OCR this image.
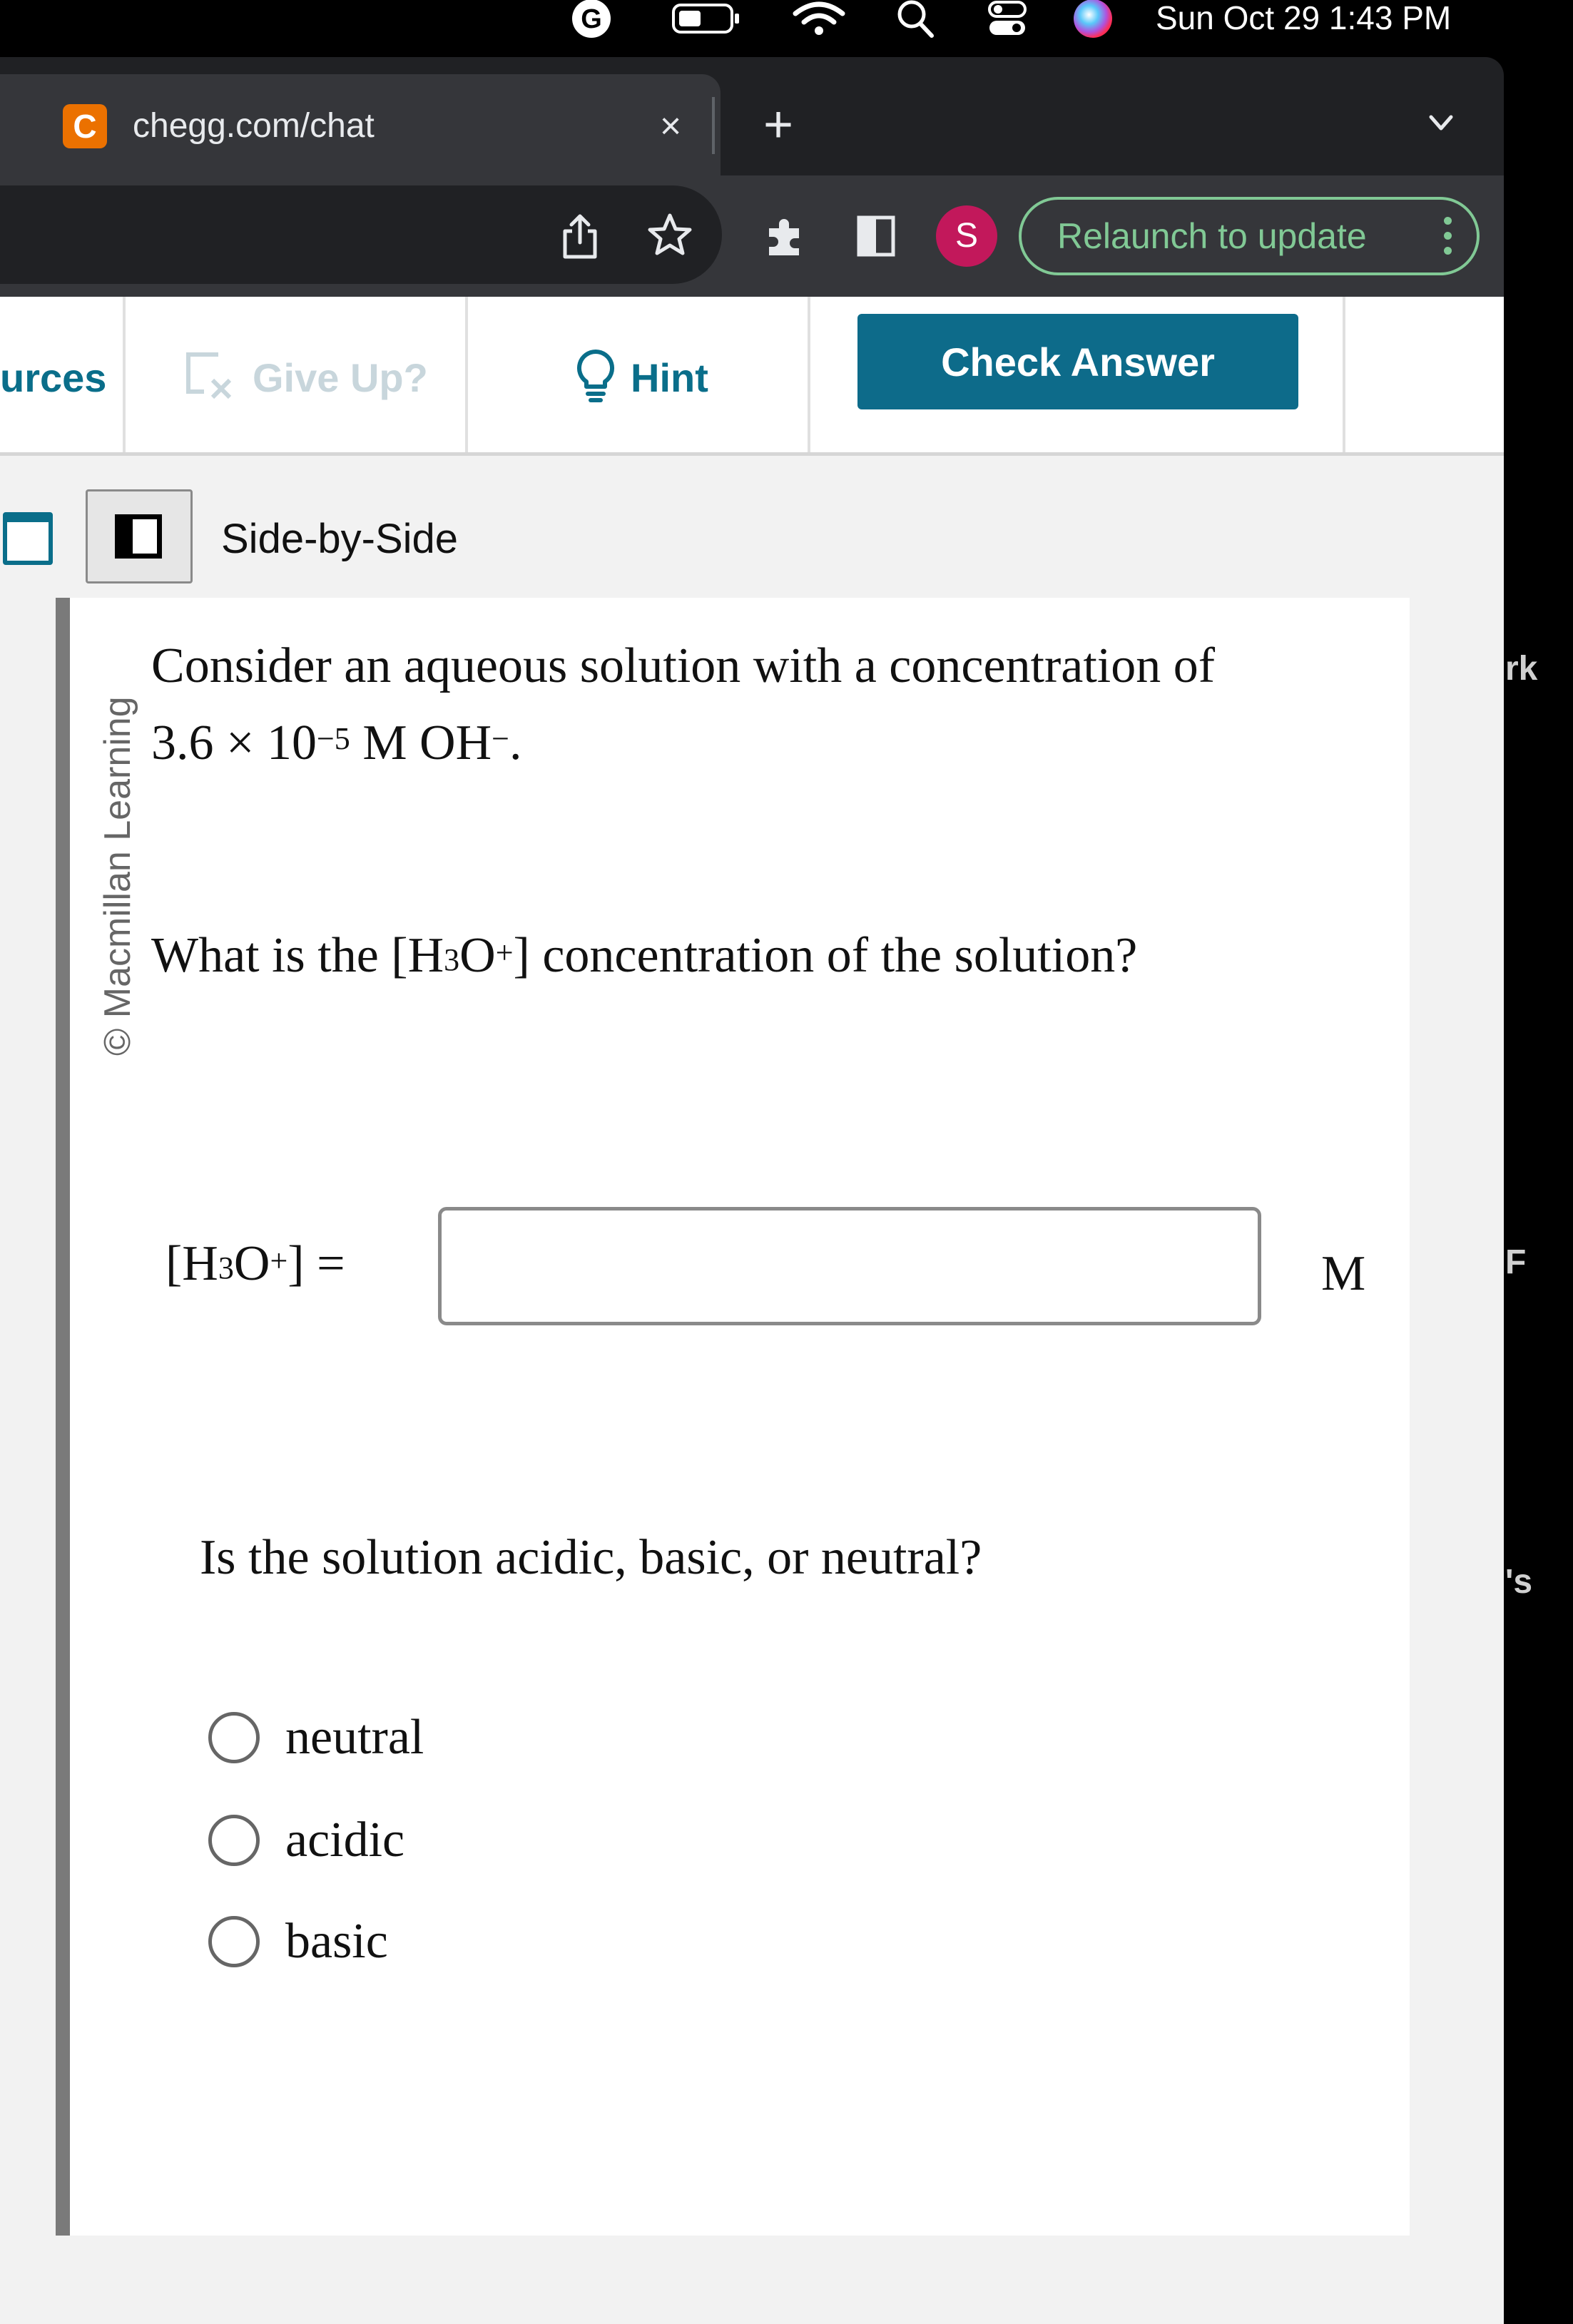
G	Sun Oct 29 1:43 PM
C chegg.com/chat	× +
S	Relaunch to update
urces	Give Up?	Hint	Check Answer
Side-by-Side
© Macmillan Learning
Consider an aqueous solution with a concentration of
$3.6 \times 10^{-5}$ M OH−.
What is the $[H_3O^+]$ concentration of the solution?
$[H_3O^+]$ =	M
Is the solution acidic, basic, or neutral?
neutral
acidic
basic
rk
F
's
